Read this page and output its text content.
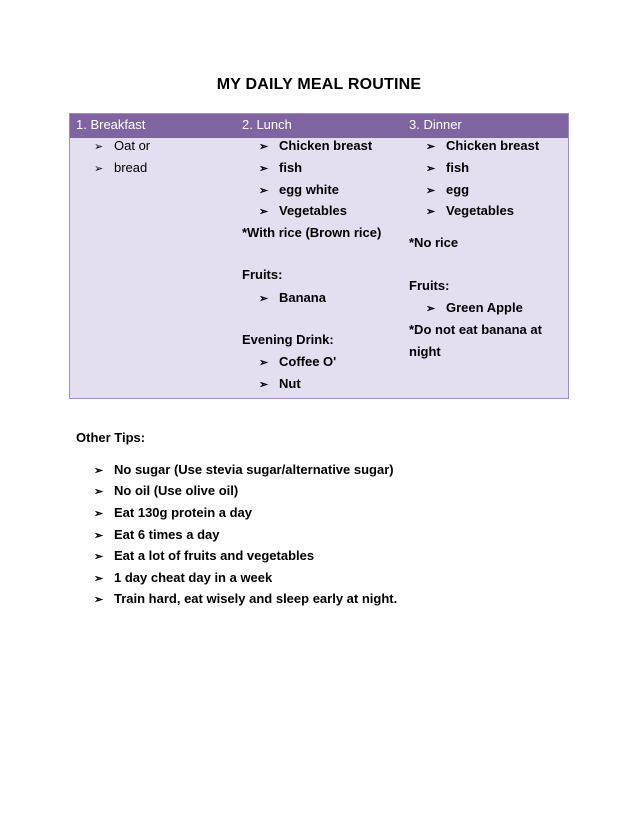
MY DAILY MEAL ROUTINE
1. Breakfast	2. Lunch	3. Dinner
➢ Oat or
➢ bread
➢ Chicken breast
➢ fish
➢ egg white
➢ Vegetables
*With rice (Brown rice)
Fruits:
➢ Banana
Evening Drink:
➢ Coffee O'
➢ Nut
➢ Chicken breast
➢ fish
➢ egg
➢ Vegetables
*No rice
Fruits:
➢ Green Apple
*Do not eat banana at
night
Other Tips:
➢ No sugar (Use stevia sugar/alternative sugar)
➢ No oil (Use olive oil)
➢ Eat 130g protein a day
➢ Eat 6 times a day
➢ Eat a lot of fruits and vegetables
➢ 1 day cheat day in a week
➢ Train hard, eat wisely and sleep early at night.
